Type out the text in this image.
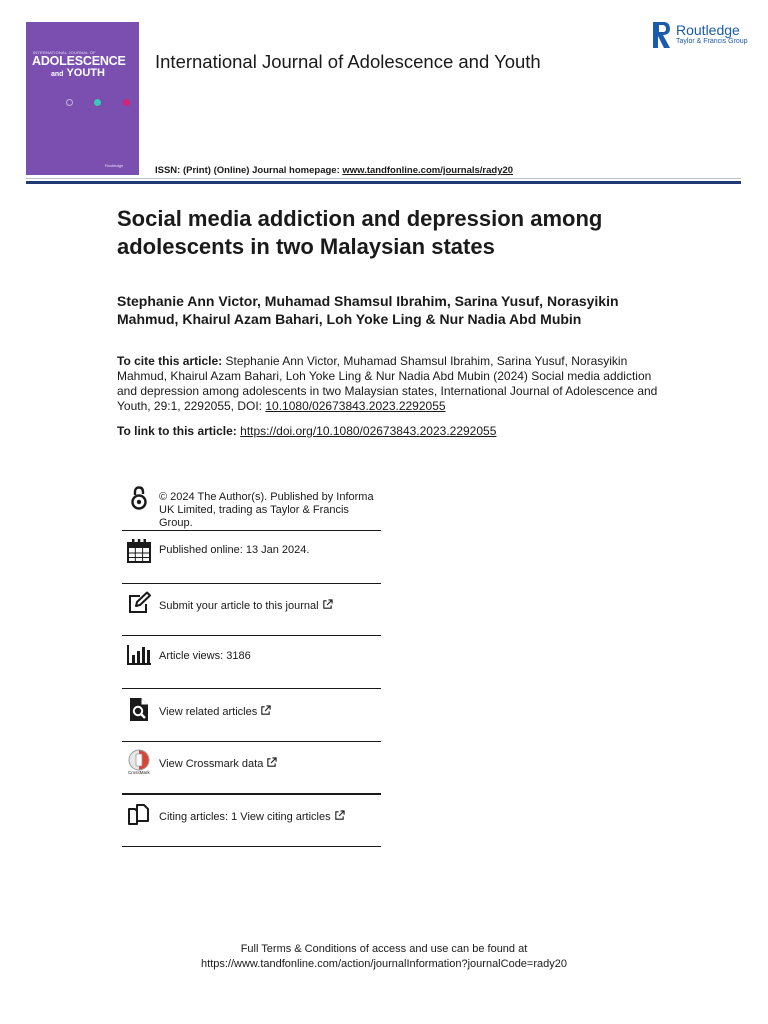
INTERNATIONAL JOURNAL OF
ADOLESCENCE
and YOUTH
Routledge
International Journal of Adolescence and Youth
Routledge
Taylor & Francis Group
ISSN: (Print) (Online) Journal homepage: www.tandfonline.com/journals/rady20
Social media addiction and depression among adolescents in two Malaysian states
Stephanie Ann Victor, Muhamad Shamsul Ibrahim, Sarina Yusuf, Norasyikin Mahmud, Khairul Azam Bahari, Loh Yoke Ling & Nur Nadia Abd Mubin
To cite this article: Stephanie Ann Victor, Muhamad Shamsul Ibrahim, Sarina Yusuf, Norasyikin Mahmud, Khairul Azam Bahari, Loh Yoke Ling & Nur Nadia Abd Mubin (2024) Social media addiction and depression among adolescents in two Malaysian states, International Journal of Adolescence and Youth, 29:1, 2292055, DOI: 10.1080/02673843.2023.2292055
To link to this article: https://doi.org/10.1080/02673843.2023.2292055
© 2024 The Author(s). Published by Informa UK Limited, trading as Taylor & Francis Group.
Published online: 13 Jan 2024.
Submit your article to this journal
Article views: 3186
View related articles
CrossMark
View Crossmark data
Citing articles: 1 View citing articles
Full Terms & Conditions of access and use can be found at
https://www.tandfonline.com/action/journalInformation?journalCode=rady20
